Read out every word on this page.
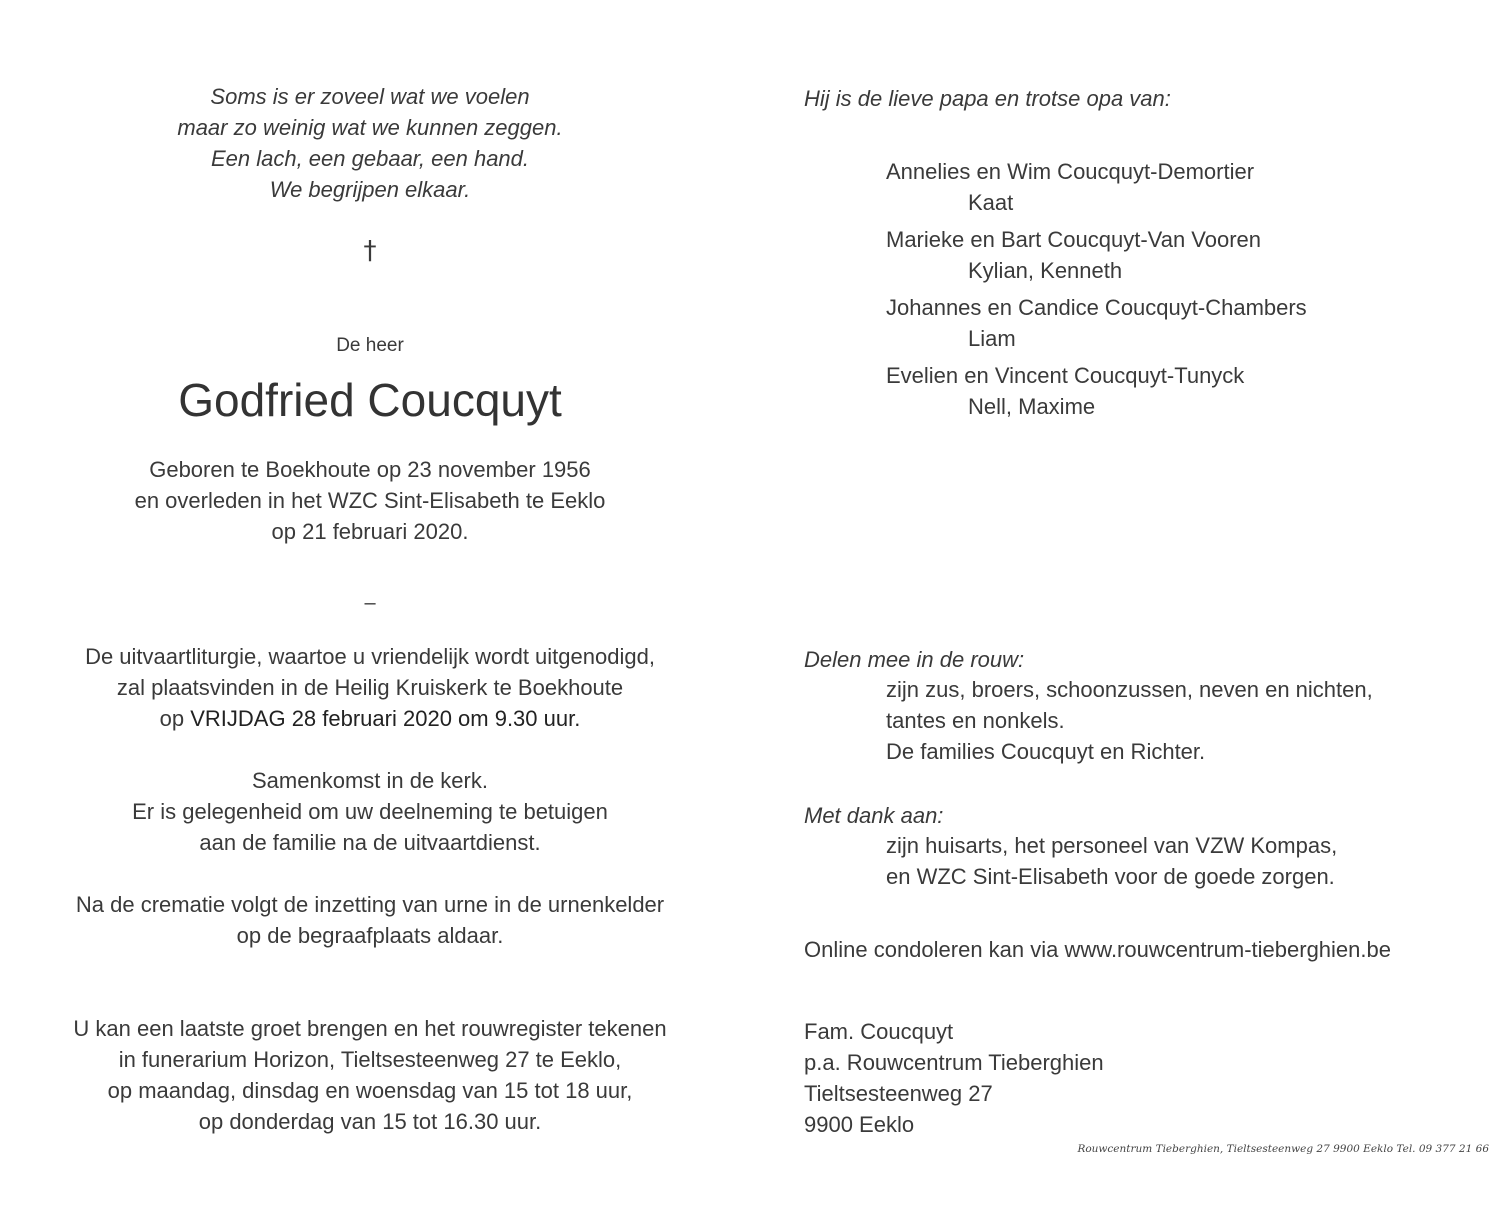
Soms is er zoveel wat we voelen
maar zo weinig wat we kunnen zeggen.
Een lach, een gebaar, een hand.
We begrijpen elkaar.
†
De heer
Godfried Coucquyt
Geboren te Boekhoute op 23 november 1956
en overleden in het WZC Sint-Elisabeth te Eeklo
op 21 februari 2020.
–
De uitvaartliturgie, waartoe u vriendelijk wordt uitgenodigd,
zal plaatsvinden in de Heilig Kruiskerk te Boekhoute
op VRIJDAG 28 februari 2020 om 9.30 uur.
Samenkomst in de kerk.
Er is gelegenheid om uw deelneming te betuigen
aan de familie na de uitvaartdienst.
Na de crematie volgt de inzetting van urne in de urnenkelder
op de begraafplaats aldaar.
U kan een laatste groet brengen en het rouwregister tekenen
in funerarium Horizon, Tieltsesteenweg 27 te Eeklo,
op maandag, dinsdag en woensdag van 15 tot 18 uur,
op donderdag van 15 tot 16.30 uur.
Hij is de lieve papa en trotse opa van:
Annelies en Wim Coucquyt-Demortier
Kaat
Marieke en Bart Coucquyt-Van Vooren
Kylian, Kenneth
Johannes en Candice Coucquyt-Chambers
Liam
Evelien en Vincent Coucquyt-Tunyck
Nell, Maxime
Delen mee in de rouw:
zijn zus, broers, schoonzussen, neven en nichten,
tantes en nonkels.
De families Coucquyt en Richter.
Met dank aan:
zijn huisarts, het personeel van VZW Kompas,
en WZC Sint-Elisabeth voor de goede zorgen.
Online condoleren kan via www.rouwcentrum-tieberghien.be
Fam. Coucquyt
p.a. Rouwcentrum Tieberghien
Tieltsesteenweg 27
9900 Eeklo
Rouwcentrum Tieberghien, Tieltsesteenweg 27 9900 Eeklo Tel. 09 377 21 66
